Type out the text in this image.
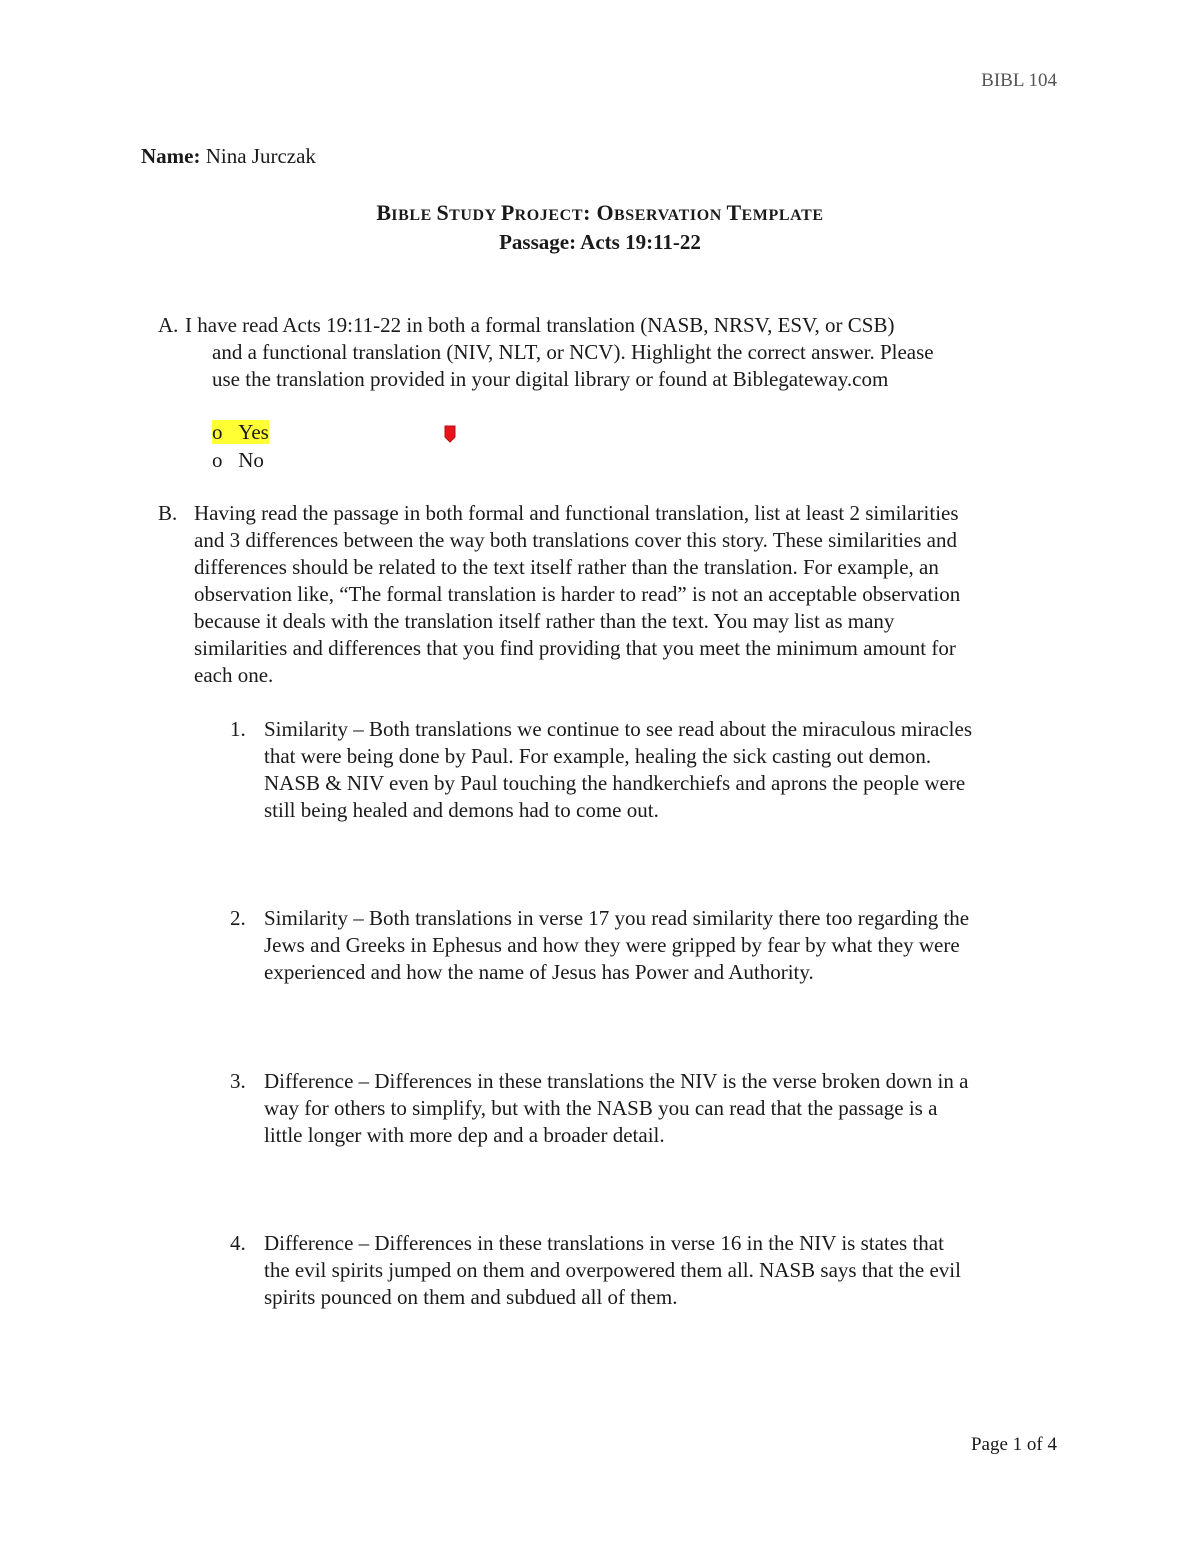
BIBL 104
Name: Nina Jurczak
BIBLE STUDY PROJECT: OBSERVATION TEMPLATE
Passage: Acts 19:11-22
A. I have read Acts 19:11-22 in both a formal translation (NASB, NRSV, ESV, or CSB)
and a functional translation (NIV, NLT, or NCV). Highlight the correct answer. Please
use the translation provided in your digital library or found at Biblegateway.com
o Yes
o No
B. Having read the passage in both formal and functional translation, list at least 2 similarities
and 3 differences between the way both translations cover this story. These similarities and
differences should be related to the text itself rather than the translation. For example, an
observation like, “The formal translation is harder to read” is not an acceptable observation
because it deals with the translation itself rather than the text. You may list as many
similarities and differences that you find providing that you meet the minimum amount for
each one.
1. Similarity – Both translations we continue to see read about the miraculous miracles
that were being done by Paul. For example, healing the sick casting out demon.
NASB & NIV even by Paul touching the handkerchiefs and aprons the people were
still being healed and demons had to come out.
2. Similarity – Both translations in verse 17 you read similarity there too regarding the
Jews and Greeks in Ephesus and how they were gripped by fear by what they were
experienced and how the name of Jesus has Power and Authority.
3. Difference – Differences in these translations the NIV is the verse broken down in a
way for others to simplify, but with the NASB you can read that the passage is a
little longer with more dep and a broader detail.
4. Difference – Differences in these translations in verse 16 in the NIV is states that
the evil spirits jumped on them and overpowered them all. NASB says that the evil
spirits pounced on them and subdued all of them.
Page 1 of 4
